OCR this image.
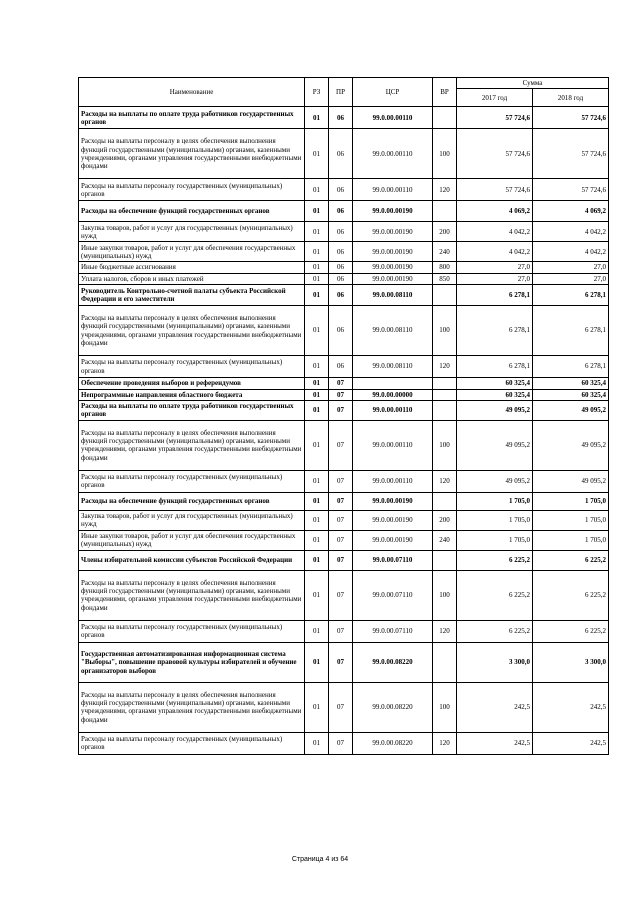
Наименование	РЗ	ПР	ЦСР	ВР	Сумма	
					2017 год	2018 год
Расходы на выплаты по оплате труда работников государственных органов	01	06	99.0.00.00110		57 724,6	57 724,6
Расходы на выплаты персоналу в целях обеспечения выполнения функций государственными (муниципальными) органами, казенными учреждениями, органами управления государственными внебюджетными фондами	01	06	99.0.00.00110	100	57 724,6	57 724,6
Расходы на выплаты персоналу государственных (муниципальных) органов	01	06	99.0.00.00110	120	57 724,6	57 724,6
Расходы на обеспечение функций государственных органов	01	06	99.0.00.00190		4 069,2	4 069,2
Закупка товаров, работ и услуг для государственных (муниципальных) нужд	01	06	99.0.00.00190	200	4 042,2	4 042,2
Иные закупки товаров, работ и услуг для обеспечения государственных (муниципальных) нужд	01	06	99.0.00.00190	240	4 042,2	4 042,2
Иные бюджетные ассигнования	01	06	99.0.00.00190	800	27,0	27,0
Уплата налогов, сборов и иных платежей	01	06	99.0.00.00190	850	27,0	27,0
Руководитель Контрольно-счетной палаты субъекта Российской Федерации и его заместители	01	06	99.0.00.08110		6 278,1	6 278,1
Расходы на выплаты персоналу в целях обеспечения выполнения функций государственными (муниципальными) органами, казенными учреждениями, органами управления государственными внебюджетными фондами	01	06	99.0.00.08110	100	6 278,1	6 278,1
Расходы на выплаты персоналу государственных (муниципальных) органов	01	06	99.0.00.08110	120	6 278,1	6 278,1
Обеспечение проведения выборов и референдумов	01	07			60 325,4	60 325,4
Непрограммные направления областного бюджета	01	07	99.0.00.00000		60 325,4	60 325,4
Расходы на выплаты по оплате труда работников государственных органов	01	07	99.0.00.00110		49 095,2	49 095,2
Расходы на выплаты персоналу в целях обеспечения выполнения функций государственными (муниципальными) органами, казенными учреждениями, органами управления государственными внебюджетными фондами	01	07	99.0.00.00110	100	49 095,2	49 095,2
Расходы на выплаты персоналу государственных (муниципальных) органов	01	07	99.0.00.00110	120	49 095,2	49 095,2
Расходы на обеспечение функций государственных органов	01	07	99.0.00.00190		1 705,0	1 705,0
Закупка товаров, работ и услуг для государственных (муниципальных) нужд	01	07	99.0.00.00190	200	1 705,0	1 705,0
Иные закупки товаров, работ и услуг для обеспечения государственных (муниципальных) нужд	01	07	99.0.00.00190	240	1 705,0	1 705,0
Члены избирательной комиссии субъектов Российской Федерации	01	07	99.0.00.07110		6 225,2	6 225,2
Расходы на выплаты персоналу в целях обеспечения выполнения функций государственными (муниципальными) органами, казенными учреждениями, органами управления государственными внебюджетными фондами	01	07	99.0.00.07110	100	6 225,2	6 225,2
Расходы на выплаты персоналу государственных (муниципальных) органов	01	07	99.0.00.07110	120	6 225,2	6 225,2
Государственная автоматизированная информационная система "Выборы", повышение правовой культуры избирателей и обучение организаторов выборов	01	07	99.0.00.08220		3 300,0	3 300,0
Расходы на выплаты персоналу в целях обеспечения выполнения функций государственными (муниципальными) органами, казенными учреждениями, органами управления государственными внебюджетными фондами	01	07	99.0.00.08220	100	242,5	242,5
Расходы на выплаты персоналу государственных (муниципальных) органов	01	07	99.0.00.08220	120	242,5	242,5
Страница 4 из 64
